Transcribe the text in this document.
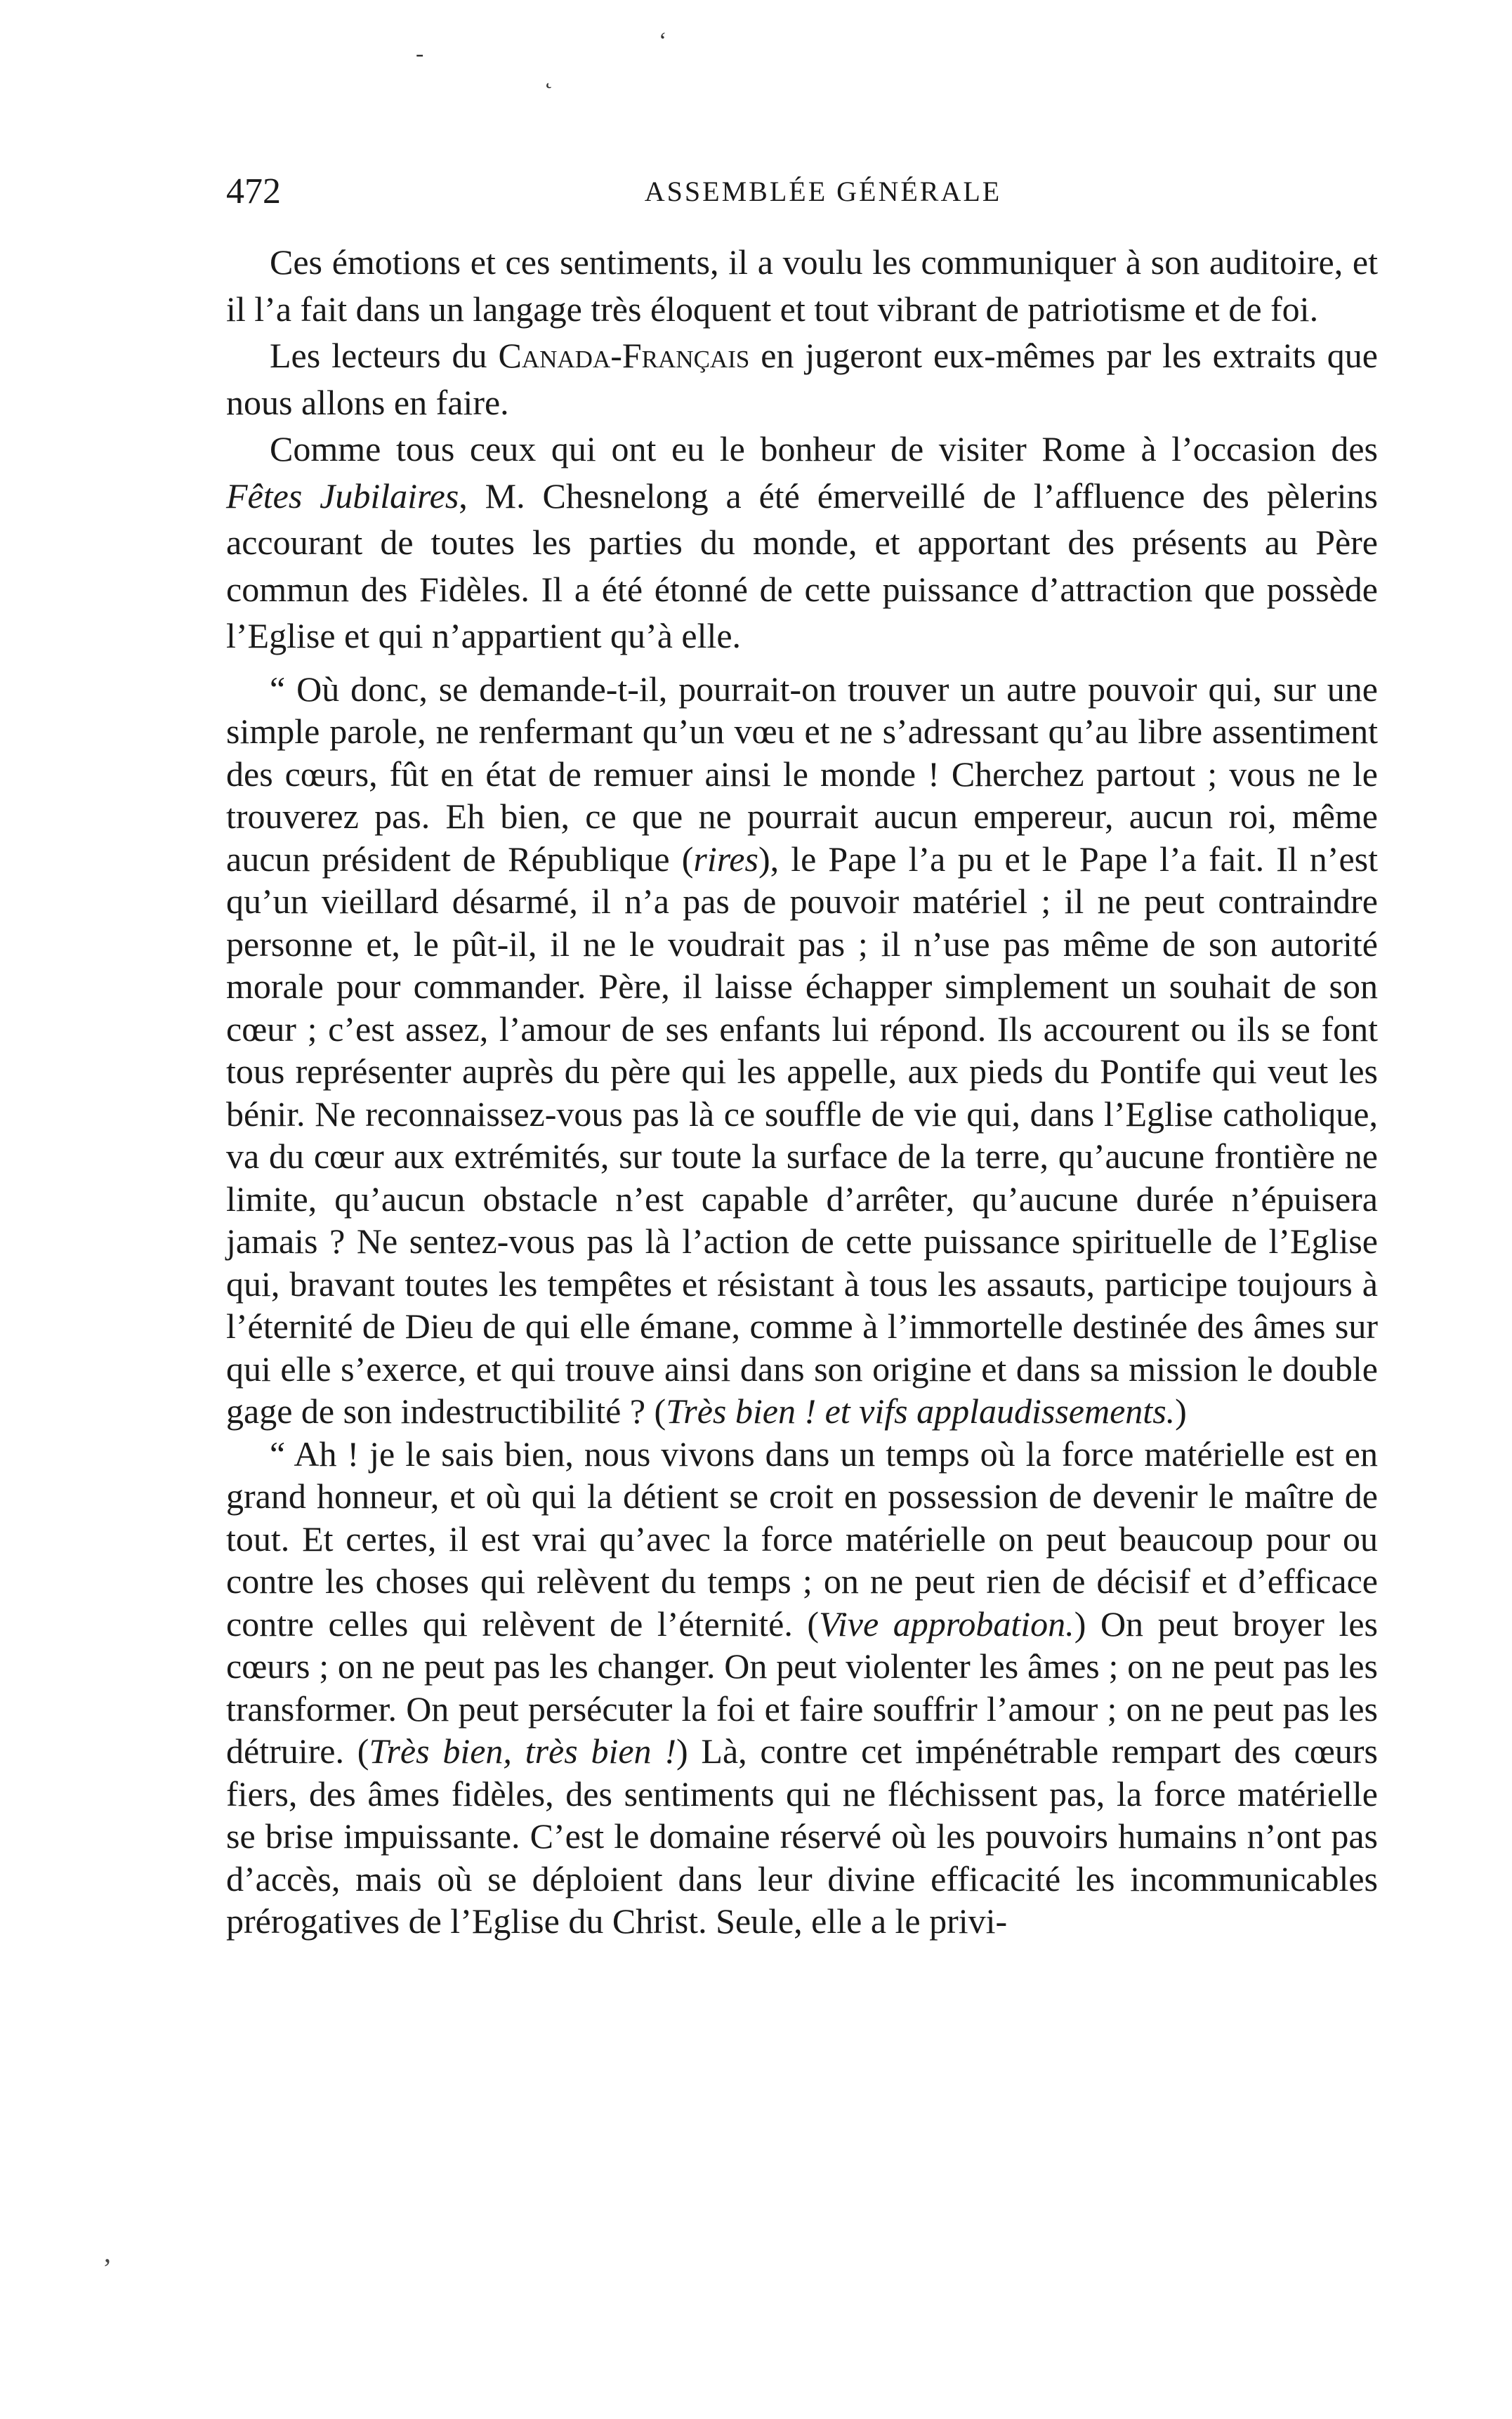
-	‘
˛
472	ASSEMBLÉE GÉNÉRALE

Ces émotions et ces sentiments, il a voulu les communiquer à son auditoire, et il l’a fait dans un langage très éloquent et tout vibrant de patriotisme et de foi.

Les lecteurs du Canada-Français en jugeront eux-mêmes par les extraits que nous allons en faire.

Comme tous ceux qui ont eu le bonheur de visiter Rome à l’occasion des Fêtes Jubilaires, M. Chesnelong a été émerveillé de l’affluence des pèlerins accourant de toutes les parties du monde, et apportant des présents au Père commun des Fidèles. Il a été étonné de cette puissance d’attraction que possède l’Eglise et qui n’appartient qu’à elle.

“ Où donc, se demande-t-il, pourrait-on trouver un autre pouvoir qui, sur une simple parole, ne renfermant qu’un vœu et ne s’adressant qu’au libre assentiment des cœurs, fût en état de remuer ainsi le monde ! Cherchez partout ; vous ne le trouverez pas. Eh bien, ce que ne pourrait aucun empereur, aucun roi, même aucun président de République (rires), le Pape l’a pu et le Pape l’a fait. Il n’est qu’un vieillard désarmé, il n’a pas de pouvoir matériel ; il ne peut contraindre personne et, le pût-il, il ne le voudrait pas ; il n’use pas même de son autorité morale pour commander. Père, il laisse échapper simplement un souhait de son cœur ; c’est assez, l’amour de ses enfants lui répond. Ils accourent ou ils se font tous représenter auprès du père qui les appelle, aux pieds du Pontife qui veut les bénir. Ne reconnaissez-vous pas là ce souffle de vie qui, dans l’Eglise catholique, va du cœur aux extrémités, sur toute la surface de la terre, qu’aucune frontière ne limite, qu’aucun obstacle n’est capable d’arrêter, qu’aucune durée n’épuisera jamais ? Ne sentez-vous pas là l’action de cette puissance spirituelle de l’Eglise qui, bravant toutes les tempêtes et résistant à tous les assauts, participe toujours à l’éternité de Dieu de qui elle émane, comme à l’immortelle destinée des âmes sur qui elle s’exerce, et qui trouve ainsi dans son origine et dans sa mission le double gage de son indestructibilité ? (Très bien ! et vifs applaudissements.)

“ Ah ! je le sais bien, nous vivons dans un temps où la force matérielle est en grand honneur, et où qui la détient se croit en possession de devenir le maître de tout. Et certes, il est vrai qu’avec la force matérielle on peut beaucoup pour ou contre les choses qui relèvent du temps ; on ne peut rien de décisif et d’efficace contre celles qui relèvent de l’éternité. (Vive approbation.) On peut broyer les cœurs ; on ne peut pas les changer. On peut violenter les âmes ; on ne peut pas les transformer. On peut persécuter la foi et faire souffrir l’amour ; on ne peut pas les détruire. (Très bien, très bien !) Là, contre cet impénétrable rempart des cœurs fiers, des âmes fidèles, des sentiments qui ne fléchissent pas, la force matérielle se brise impuissante. C’est le domaine réservé où les pouvoirs humains n’ont pas d’accès, mais où se déploient dans leur divine efficacité les incommunicables prérogatives de l’Eglise du Christ. Seule, elle a le privi-

’
